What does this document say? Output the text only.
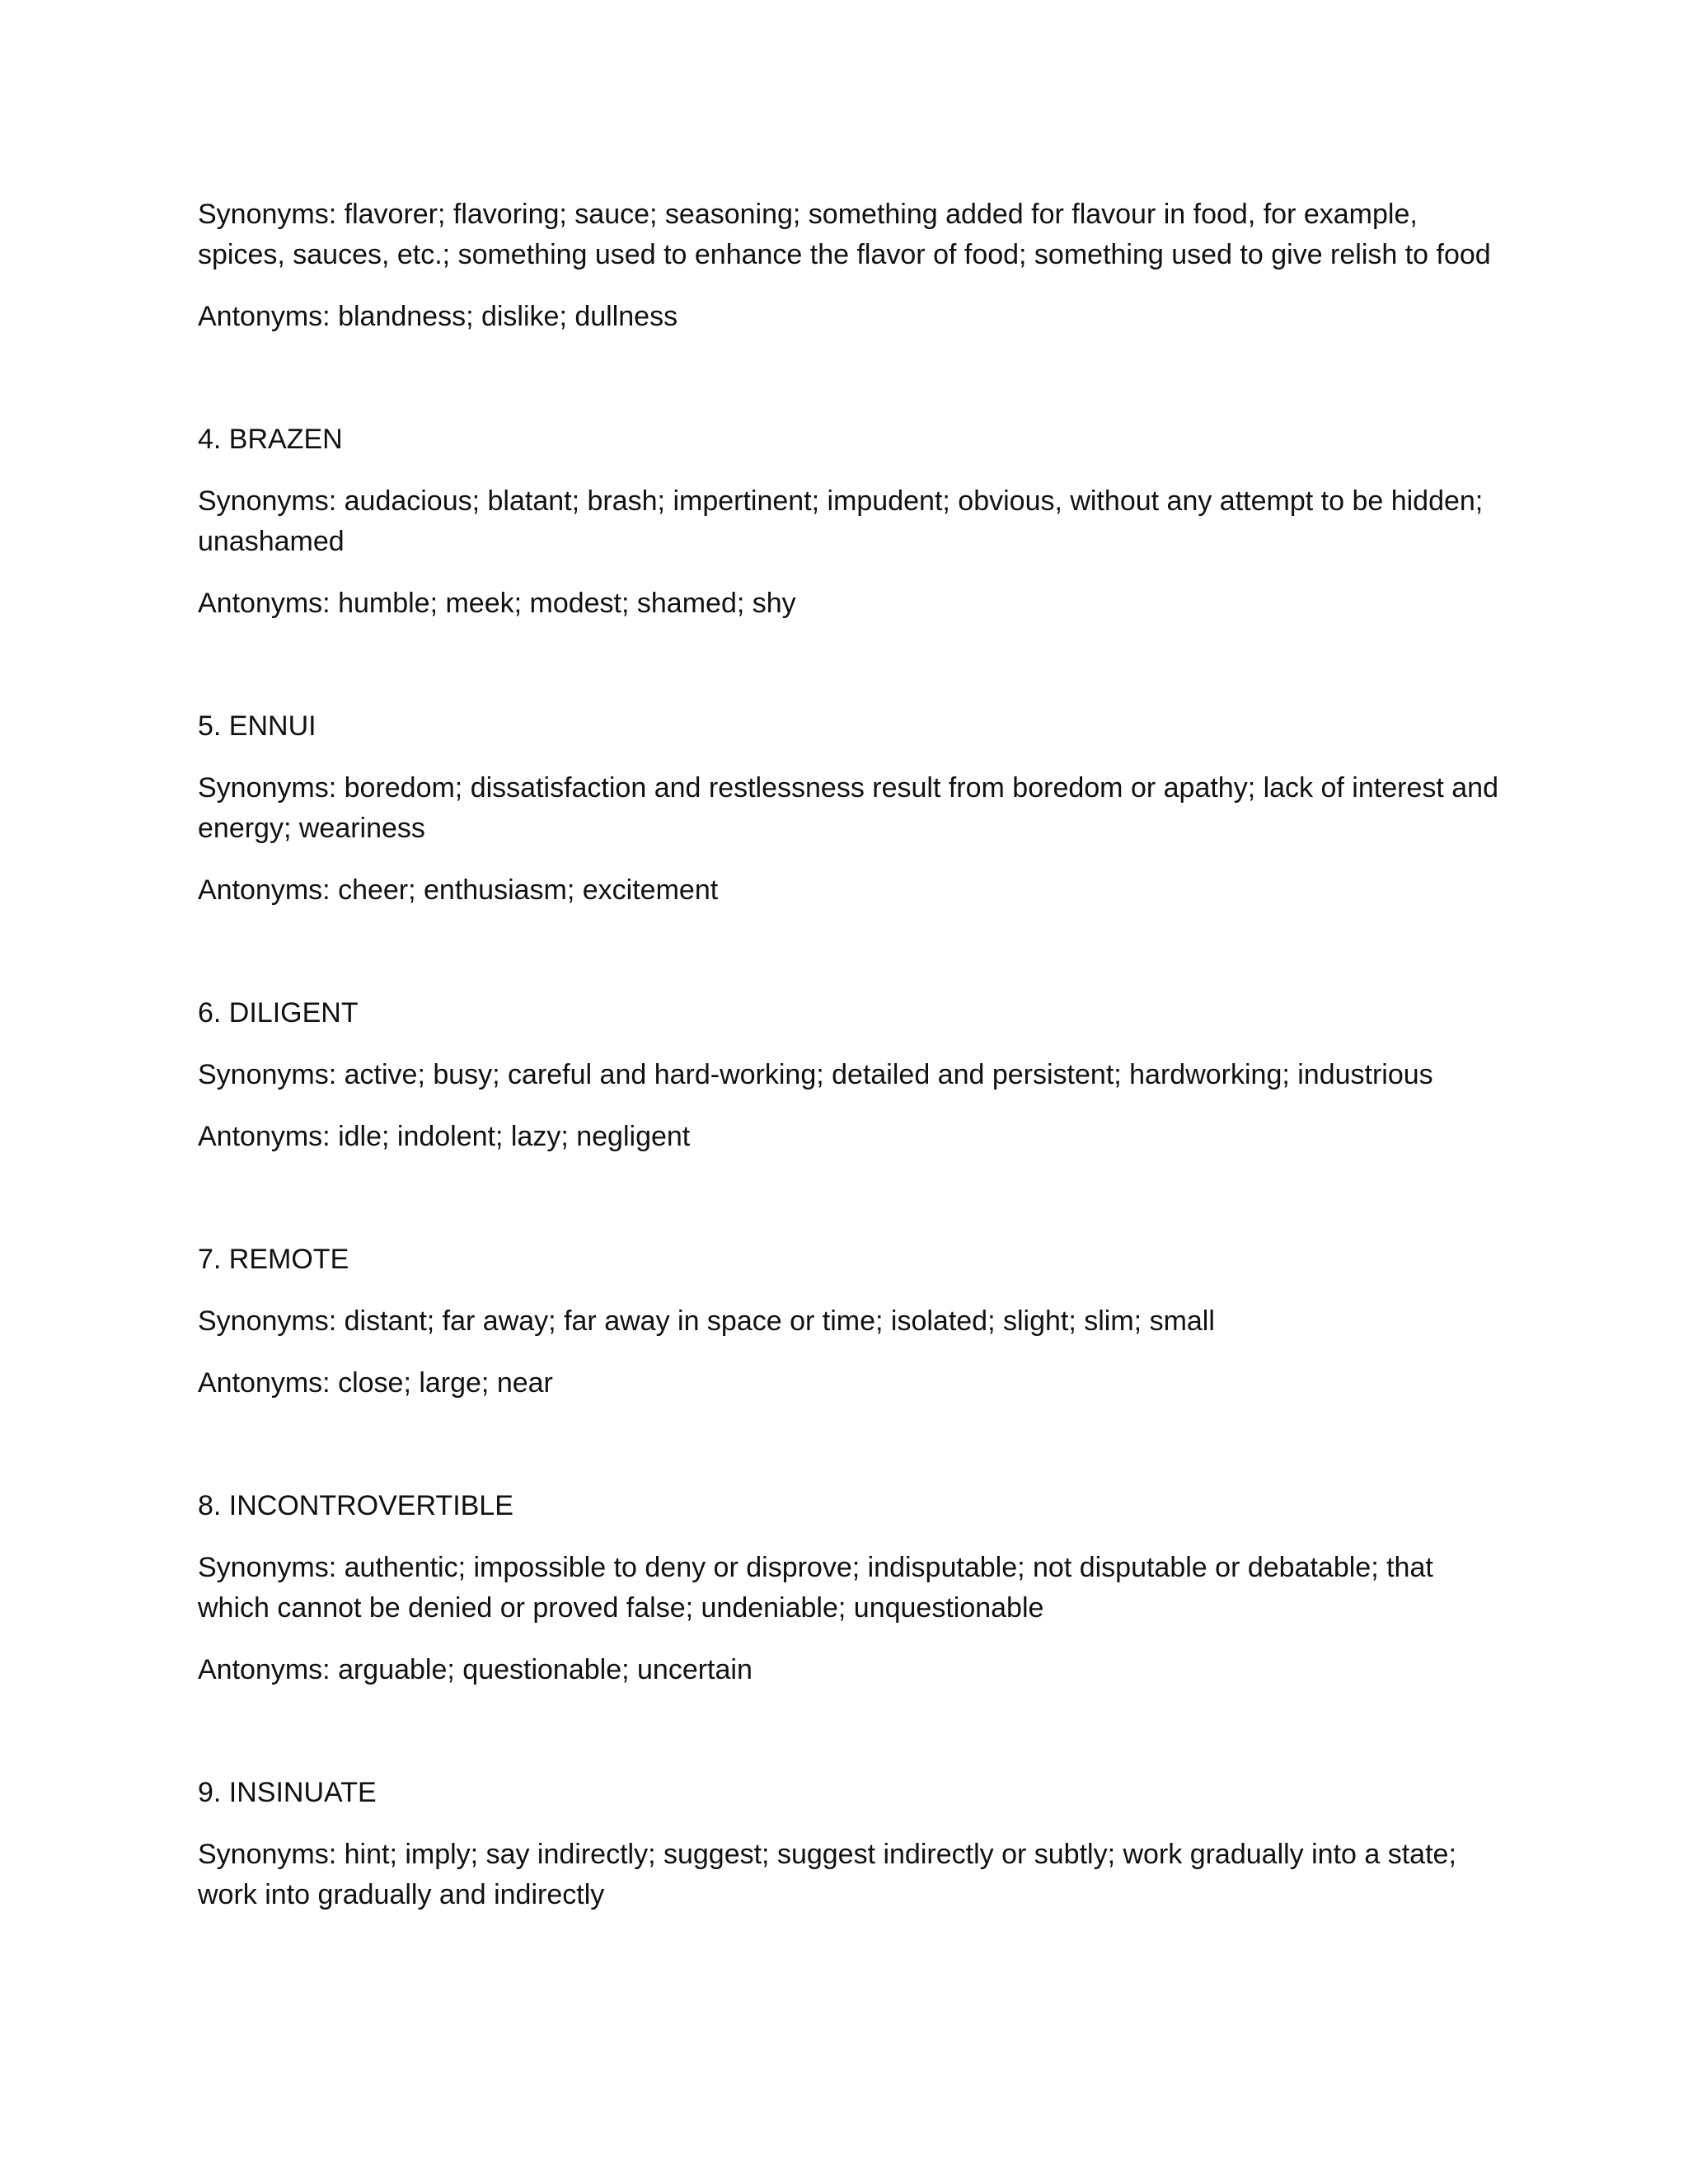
Synonyms: flavorer; flavoring; sauce; seasoning; something added for flavour in food, for example, spices, sauces, etc.; something used to enhance the flavor of food; something used to give relish to food

Antonyms: blandness; dislike; dullness

4. BRAZEN

Synonyms: audacious; blatant; brash; impertinent; impudent; obvious, without any attempt to be hidden; unashamed

Antonyms: humble; meek; modest; shamed; shy

5. ENNUI

Synonyms: boredom; dissatisfaction and restlessness result from boredom or apathy; lack of interest and energy; weariness

Antonyms: cheer; enthusiasm; excitement

6. DILIGENT

Synonyms: active; busy; careful and hard-working; detailed and persistent; hardworking; industrious

Antonyms: idle; indolent; lazy; negligent

7. REMOTE

Synonyms: distant; far away; far away in space or time; isolated; slight; slim; small

Antonyms: close; large; near

8. INCONTROVERTIBLE

Synonyms: authentic; impossible to deny or disprove; indisputable; not disputable or debatable; that which cannot be denied or proved false; undeniable; unquestionable

Antonyms: arguable; questionable; uncertain

9. INSINUATE

Synonyms: hint; imply; say indirectly; suggest; suggest indirectly or subtly; work gradually into a state; work into gradually and indirectly
